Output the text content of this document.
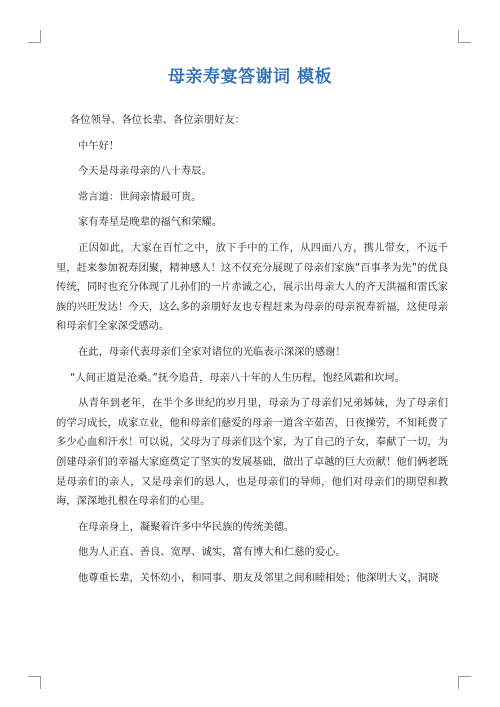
母亲寿宴答谢词 模板

各位领导、各位长辈、各位亲朋好友：

中午好！

今天是母亲母亲的八十寿辰。

常言道：世间亲情最可贵。

家有寿星是晚辈的福气和荣耀。

正因如此，大家在百忙之中，放下手中的工作，从四面八方，携儿带女，不远千里，赶来参加祝寿团聚，精神感人！这不仅充分展现了母亲们家族“百事孝为先”的优良传统，同时也充分体现了儿孙们的一片赤诚之心，展示出母亲大人的齐天洪福和雷氏家族的兴旺发达！今天，这么多的亲朋好友也专程赶来为母亲的母亲祝寿祈福，这使母亲和母亲们全家深受感动。

在此，母亲代表母亲们全家对诸位的光临表示深深的感谢！

“人间正道是沧桑。”抚今追昔，母亲八十年的人生历程，饱经风霜和坎坷。

从青年到老年，在半个多世纪的岁月里，母亲为了母亲们兄弟姊妹，为了母亲们的学习成长，成家立业，他和母亲们慈爱的母亲一道含辛茹苦，日夜操劳，不知耗费了多少心血和汗水！可以说，父母为了母亲们这个家，为了自己的子女，奉献了一切，为创建母亲们的幸福大家庭奠定了坚实的发展基础，做出了卓越的巨大贡献！他们俩老既是母亲们的亲人，又是母亲们的恩人，也是母亲们的导师，他们对母亲们的期望和教诲，深深地扎根在母亲们的心里。

在母亲身上，凝聚着许多中华民族的传统美德。

他为人正直、善良、宽厚、诚实，富有博大和仁慈的爱心。

他尊重长辈，关怀幼小，和同事、朋友及邻里之间和睦相处；他深明大义，洞晓
